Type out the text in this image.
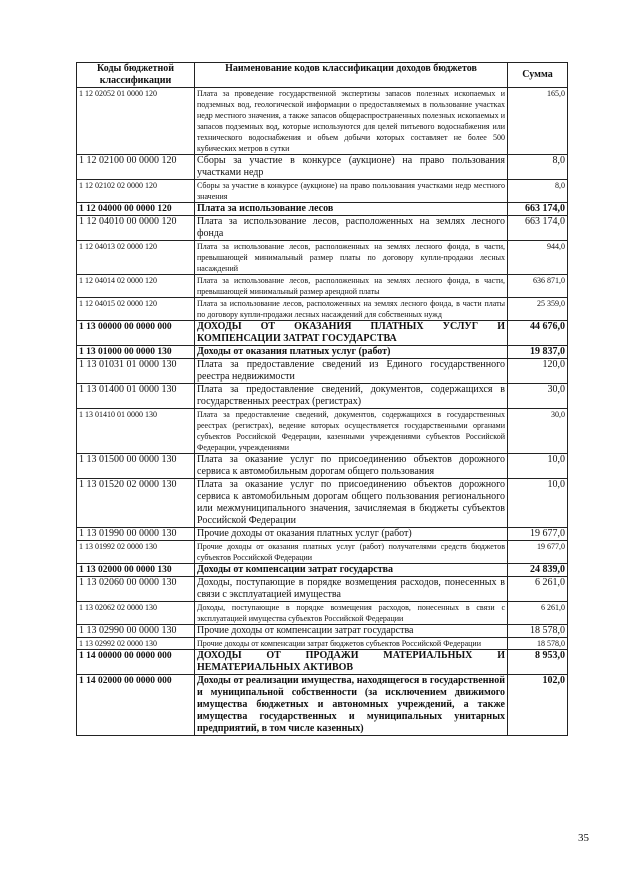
Коды бюджетной классификации	Наименование кодов классификации доходов бюджетов	Сумма
1 12 02052 01 0000 120	Плата за проведение государственной экспертизы запасов полезных ископаемых и подземных вод, геологической информации о предоставляемых в пользование участках недр местного значения, а также запасов общераспространенных полезных ископаемых и запасов подземных вод, которые используются для целей питьевого водоснабжения или технического водоснабжения и объем добычи которых составляет не более 500 кубических метров в сутки	165,0
1 12 02100 00 0000 120	Сборы за участие в конкурсе (аукционе) на право пользования участками недр	8,0
1 12 02102 02 0000 120	Сборы за участие в конкурсе (аукционе) на право пользования участками недр местного значения	8,0
1 12 04000 00 0000 120	Плата за использование лесов	663 174,0
1 12 04010 00 0000 120	Плата за использование лесов, расположенных на землях лесного фонда	663 174,0
1 12 04013 02 0000 120	Плата за использование лесов, расположенных на землях лесного фонда, в части, превышающей минимальный размер платы по договору купли-продажи лесных насаждений	944,0
1 12 04014 02 0000 120	Плата за использование лесов, расположенных на землях лесного фонда, в части, превышающей минимальный размер арендной платы	636 871,0
1 12 04015 02 0000 120	Плата за использование лесов, расположенных на землях лесного фонда, в части платы по договору купли-продажи лесных насаждений для собственных нужд	25 359,0
1 13 00000 00 0000 000	ДОХОДЫ ОТ ОКАЗАНИЯ ПЛАТНЫХ УСЛУГ И КОМПЕНСАЦИИ ЗАТРАТ ГОСУДАРСТВА	44 676,0
1 13 01000 00 0000 130	Доходы от оказания платных услуг (работ)	19 837,0
1 13 01031 01 0000 130	Плата за предоставление сведений из Единого государственного реестра недвижимости	120,0
1 13 01400 01 0000 130	Плата за предоставление сведений, документов, содержащихся в государственных реестрах (регистрах)	30,0
1 13 01410 01 0000 130	Плата за предоставление сведений, документов, содержащихся в государственных реестрах (регистрах), ведение которых осуществляется государственными органами субъектов Российской Федерации, казенными учреждениями субъектов Российской Федерации, учреждениями	30,0
1 13 01500 00 0000 130	Плата за оказание услуг по присоединению объектов дорожного сервиса к автомобильным дорогам общего пользования	10,0
1 13 01520 02 0000 130	Плата за оказание услуг по присоединению объектов дорожного сервиса к автомобильным дорогам общего пользования регионального или межмуниципального значения, зачисляемая в бюджеты субъектов Российской Федерации	10,0
1 13 01990 00 0000 130	Прочие доходы от оказания платных услуг (работ)	19 677,0
1 13 01992 02 0000 130	Прочие доходы от оказания платных услуг (работ) получателями средств бюджетов субъектов Российской Федерации	19 677,0
1 13 02000 00 0000 130	Доходы от компенсации затрат государства	24 839,0
1 13 02060 00 0000 130	Доходы, поступающие в порядке возмещения расходов, понесенных в связи с эксплуатацией имущества	6 261,0
1 13 02062 02 0000 130	Доходы, поступающие в порядке возмещения расходов, понесенных в связи с эксплуатацией имущества субъектов Российской Федерации	6 261,0
1 13 02990 00 0000 130	Прочие доходы от компенсации затрат государства	18 578,0
1 13 02992 02 0000 130	Прочие доходы от компенсации затрат бюджетов субъектов Российской Федерации	18 578,0
1 14 00000 00 0000 000	ДОХОДЫ ОТ ПРОДАЖИ МАТЕРИАЛЬНЫХ И НЕМАТЕРИАЛЬНЫХ АКТИВОВ	8 953,0
1 14 02000 00 0000 000	Доходы от реализации имущества, находящегося в государственной и муниципальной собственности (за исключением движимого имущества бюджетных и автономных учреждений, а также имущества государственных и муниципальных унитарных предприятий, в том числе казенных)	102,0
35
